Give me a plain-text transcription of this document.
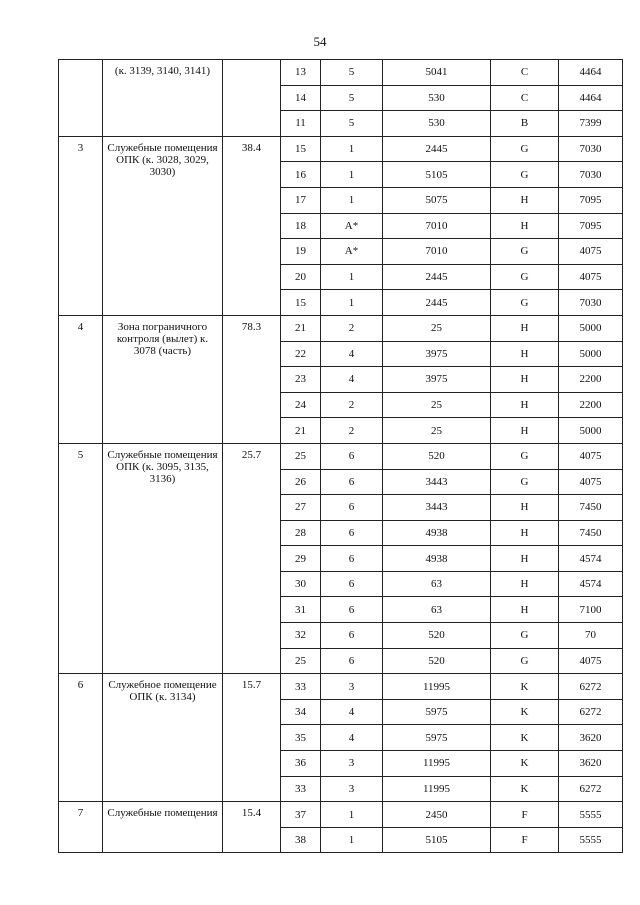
54
	(к. 3139, 3140, 3141)		13	5	5041	C	4464
			14	5	530	C	4464
			11	5	530	B	7399
3	Служебные помещения ОПК (к. 3028, 3029, 3030)	38.4	15	1	2445	G	7030
			16	1	5105	G	7030
			17	1	5075	H	7095
			18	A*	7010	H	7095
			19	A*	7010	G	4075
			20	1	2445	G	4075
			15	1	2445	G	7030
4	Зона пограничного контроля (вылет) к. 3078 (часть)	78.3	21	2	25	H	5000
			22	4	3975	H	5000
			23	4	3975	H	2200
			24	2	25	H	2200
			21	2	25	H	5000
5	Служебные помещения ОПК (к. 3095, 3135, 3136)	25.7	25	6	520	G	4075
			26	6	3443	G	4075
			27	6	3443	H	7450
			28	6	4938	H	7450
			29	6	4938	H	4574
			30	6	63	H	4574
			31	6	63	H	7100
			32	6	520	G	70
			25	6	520	G	4075
6	Служебное помещение ОПК (к. 3134)	15.7	33	3	11995	K	6272
			34	4	5975	K	6272
			35	4	5975	K	3620
			36	3	11995	K	3620
			33	3	11995	K	6272
7	Служебные помещения	15.4	37	1	2450	F	5555
			38	1	5105	F	5555
